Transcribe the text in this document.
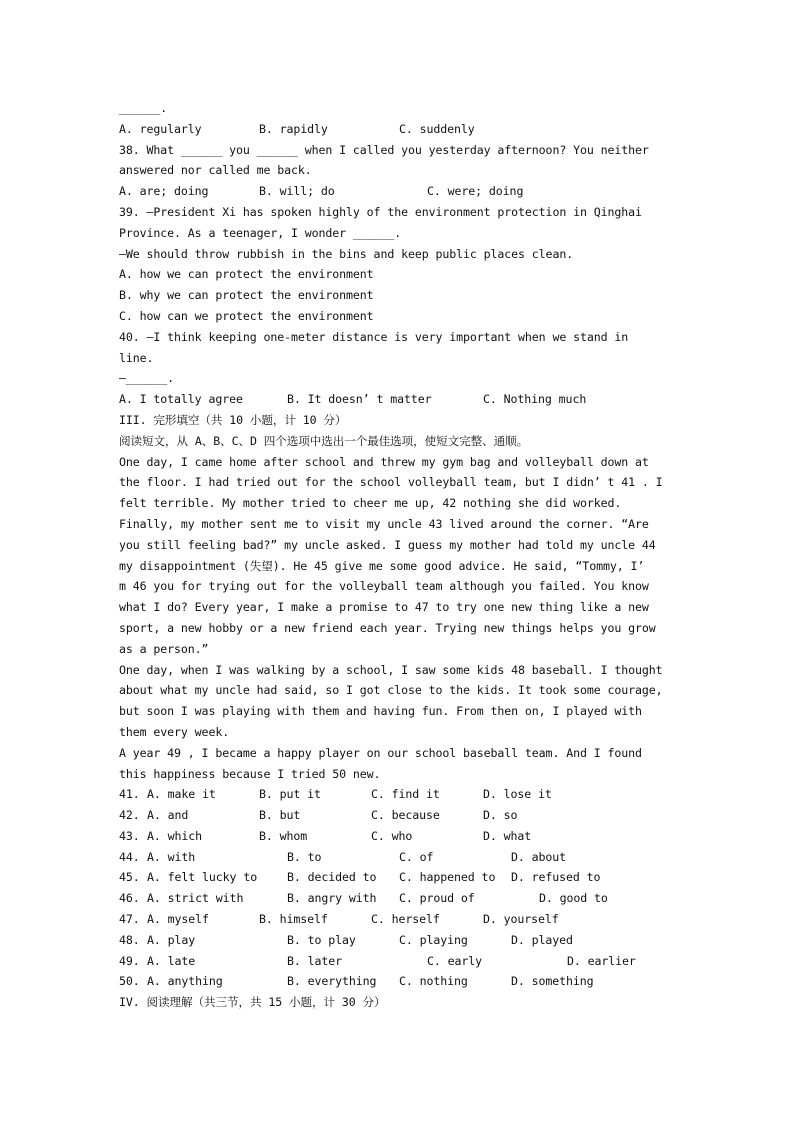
______.
A. regularly	B. rapidly	C. suddenly
38. What ______ you ______ when I called you yesterday afternoon? You neither
answered nor called me back.
A. are; doing	B. will; do	C. were; doing
39. —President Xi has spoken highly of the environment protection in Qinghai
Province. As a teenager, I wonder ______.
—We should throw rubbish in the bins and keep public places clean.
A. how we can protect the environment
B. why we can protect the environment
C. how can we protect the environment
40. —I think keeping one-meter distance is very important when we stand in
line.
—______.
A. I totally agree	B. It doesn’ t matter	C. Nothing much
III. 完形填空（共 10 小题，计 10 分）
阅读短文，从 A、B、C、D 四个选项中选出一个最佳选项，使短文完整、通顺。
One day, I came home after school and threw my gym bag and volleyball down at
the floor. I had tried out for the school volleyball team, but I didn’ t 41 . I
felt terrible. My mother tried to cheer me up, 42 nothing she did worked.
Finally, my mother sent me to visit my uncle 43 lived around the corner. “Are
you still feeling bad?” my uncle asked. I guess my mother had told my uncle 44
my disappointment (失望). He 45 give me some good advice. He said, “Tommy, I’
m 46 you for trying out for the volleyball team although you failed. You know
what I do? Every year, I make a promise to 47 to try one new thing like a new
sport, a new hobby or a new friend each year. Trying new things helps you grow
as a person.”
One day, when I was walking by a school, I saw some kids 48 baseball. I thought
about what my uncle had said, so I got close to the kids. It took some courage,
but soon I was playing with them and having fun. From then on, I played with
them every week.
A year 49 , I became a happy player on our school baseball team. And I found
this happiness because I tried 50 new.
41. A. make it	B. put it	C. find it	D. lose it
42. A. and	B. but	C. because	D. so
43. A. which	B. whom	C. who	D. what
44. A. with	B. to	C. of	D. about
45. A. felt lucky to	B. decided to	C. happened to	D. refused to
46. A. strict with	B. angry with	C. proud of	D. good to
47. A. myself	B. himself	C. herself	D. yourself
48. A. play	B. to play	C. playing	D. played
49. A. late	B. later	C. early	D. earlier
50. A. anything	B. everything	C. nothing	D. something
IV. 阅读理解（共三节，共 15 小题，计 30 分）
